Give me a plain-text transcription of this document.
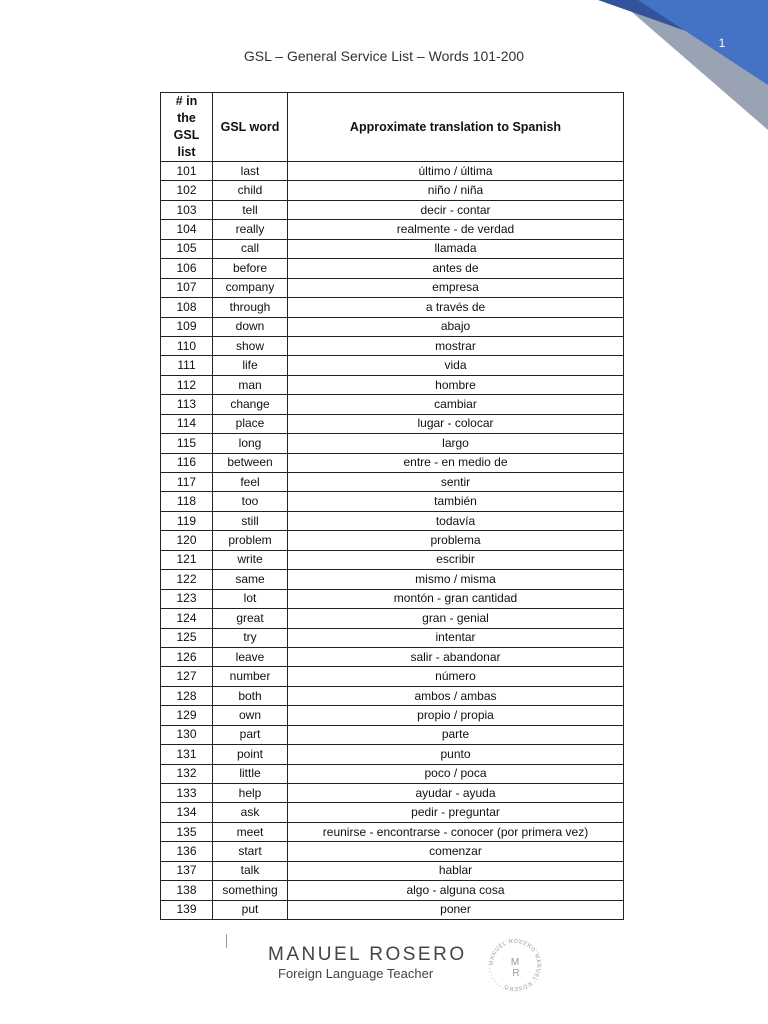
1
GSL – General Service List – Words 101-200
# in the GSL list	GSL word	Approximate translation to Spanish
101	last	último / última
102	child	niño / niña
103	tell	decir - contar
104	really	realmente - de verdad
105	call	llamada
106	before	antes de
107	company	empresa
108	through	a través de
109	down	abajo
110	show	mostrar
111	life	vida
112	man	hombre
113	change	cambiar
114	place	lugar - colocar
115	long	largo
116	between	entre - en medio de
117	feel	sentir
118	too	también
119	still	todavía
120	problem	problema
121	write	escribir
122	same	mismo / misma
123	lot	montón - gran cantidad
124	great	gran - genial
125	try	intentar
126	leave	salir - abandonar
127	number	número
128	both	ambos / ambas
129	own	propio / propia
130	part	parte
131	point	punto
132	little	poco / poca
133	help	ayudar - ayuda
134	ask	pedir - preguntar
135	meet	reunirse - encontrarse - conocer (por primera vez)
136	start	comenzar
137	talk	hablar
138	something	algo - alguna cosa
139	put	poner
MANUEL ROSERO
Foreign Language Teacher
MANUEL ROSERO MANUEL ROSERO
M
R
